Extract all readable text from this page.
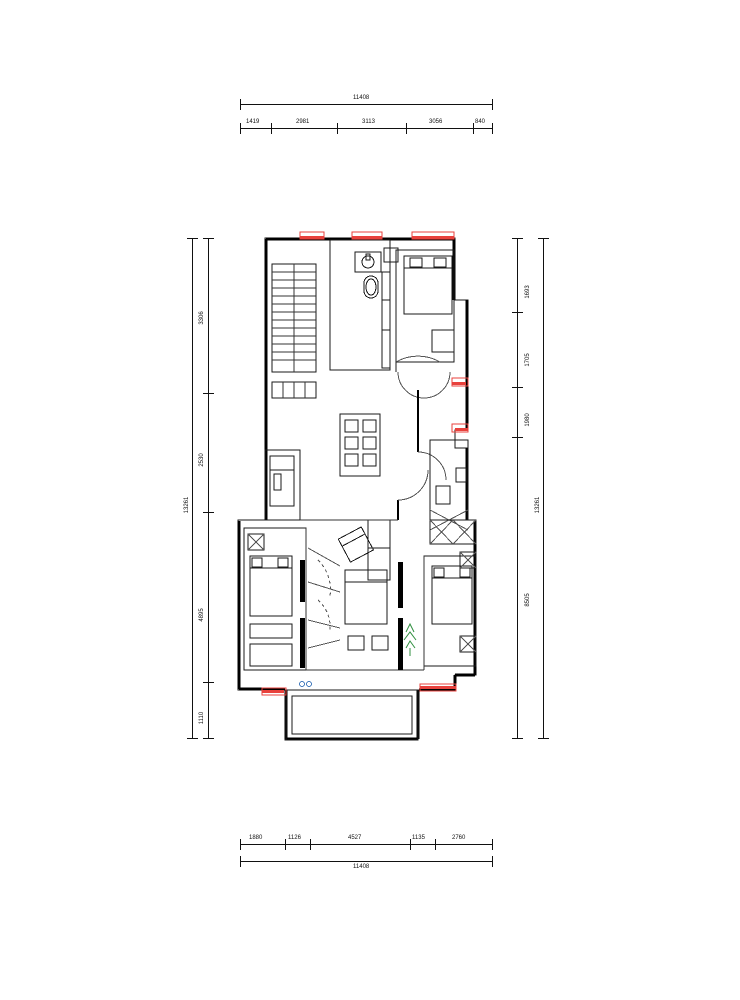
11408
1419	2981	3113	3056	840
1880	1126	4527	1135	2760
11408
3306
2530
4895
1110
13261
1693
1705
1980
8505
13261
